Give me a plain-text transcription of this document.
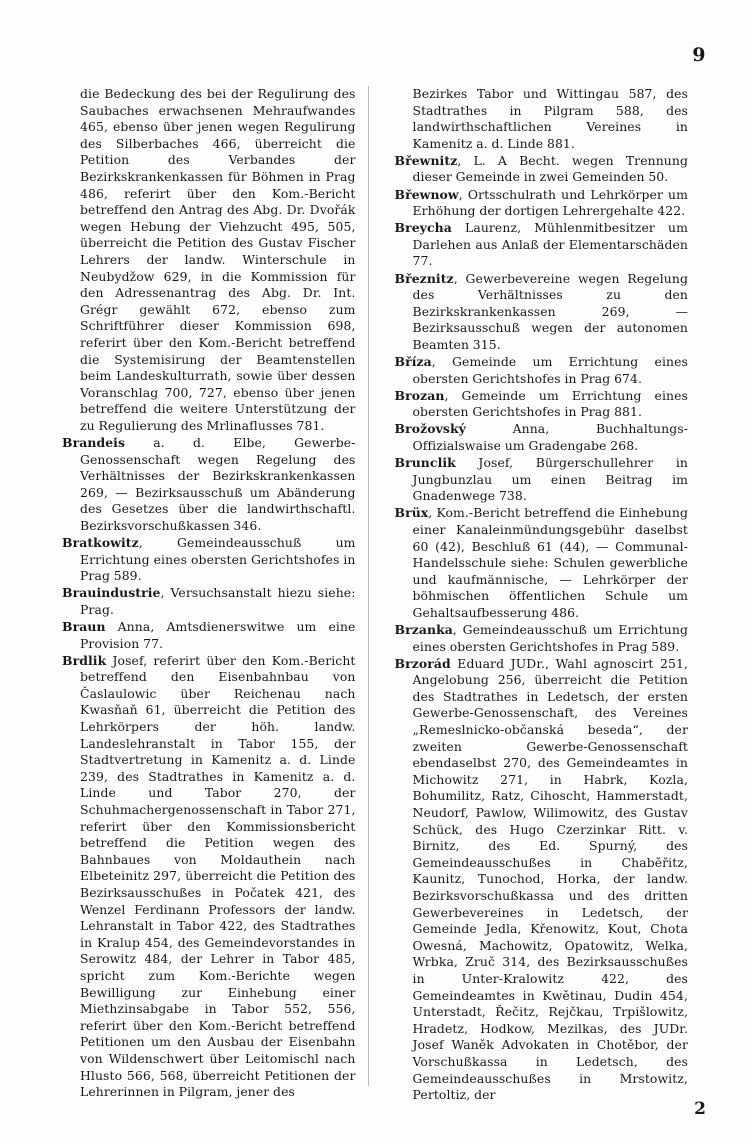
9

die Bedeckung des bei der Regulirung des Saubaches erwachsenen Mehraufwandes 465, ebenso über jenen wegen Regulirung des Silberbaches 466, überreicht die Petition des Verbandes der Bezirkskrankenkassen für Böhmen in Prag 486, referirt über den Kom.-Bericht betreffend den Antrag des Abg. Dr. Dvořák wegen Hebung der Viehzucht 495, 505, überreicht die Petition des Gustav Fischer Lehrers der landw. Winterschule in Neubydžow 629, in die Kommission für den Adressenantrag des Abg. Dr. Int. Grégr gewählt 672, ebenso zum Schriftführer dieser Kommission 698, referirt über den Kom.-Bericht betreffend die Systemisirung der Beamtenstellen beim Landeskulturrath, sowie über dessen Voranschlag 700, 727, ebenso über jenen betreffend die weitere Unterstützung der zu Regulierung des Mrlinaflusses 781.

Brandeis a. d. Elbe, Gewerbe-Genossenschaft wegen Regelung des Verhältnisses der Bezirkskrankenkassen 269, — Bezirksausschuß um Abänderung des Gesetzes über die landwirthschaftl. Bezirksvorschußkassen 346.

Bratkowitz, Gemeindeausschuß um Errichtung eines obersten Gerichtshofes in Prag 589.

Brauindustrie, Versuchsanstalt hiezu siehe: Prag.

Braun Anna, Amtsdienerswitwe um eine Provision 77.

Brdlik Josef, referirt über den Kom.-Bericht betreffend den Eisenbahnbau von Časlaulowic über Reichenau nach Kwasňaň 61, überreicht die Petition des Lehrkörpers der höh. landw. Landeslehranstalt in Tabor 155, der Stadtvertretung in Kamenitz a. d. Linde 239, des Stadtrathes in Kamenitz a. d. Linde und Tabor 270, der Schuhmachergenossenschaft in Tabor 271, referirt über den Kommissionsbericht betreffend die Petition wegen des Bahnbaues von Moldauthein nach Elbeteinitz 297, überreicht die Petition des Bezirksausschußes in Počatek 421, des Wenzel Ferdinann Professors der landw. Lehranstalt in Tabor 422, des Stadtrathes in Kralup 454, des Gemeindevorstandes in Serowitz 484, der Lehrer in Tabor 485, spricht zum Kom.-Berichte wegen Bewilligung zur Einhebung einer Miethzinsabgabe in Tabor 552, 556, referirt über den Kom.-Bericht betreffend Petitionen um den Ausbau der Eisenbahn von Wildenschwert über Leitomischl nach Hlusto 566, 568, überreicht Petitionen der Lehrerinnen in Pilgram, jener des

Bezirkes Tabor und Wittingau 587, des Stadtrathes in Pilgram 588, des landwirthschaftlichen Vereines in Kamenitz a. d. Linde 881.

Břewnitz, L. A Becht. wegen Trennung dieser Gemeinde in zwei Gemeinden 50.

Břewnow, Ortsschulrath und Lehrkörper um Erhöhung der dortigen Lehrergehalte 422.

Breycha Laurenz, Mühlenmitbesitzer um Darlehen aus Anlaß der Elementarschäden 77.

Březnitz, Gewerbevereine wegen Regelung des Verhältnisses zu den Bezirkskrankenkassen 269, — Bezirksausschuß wegen der autonomen Beamten 315.

Bříza, Gemeinde um Errichtung eines obersten Gerichtshofes in Prag 674.

Brozan, Gemeinde um Errichtung eines obersten Gerichtshofes in Prag 881.

Brožovský Anna, Buchhaltungs-Offizialswaise um Gradengabe 268.

Brunclik Josef, Bürgerschullehrer in Jungbunzlau um einen Beitrag im Gnadenwege 738.

Brüx, Kom.-Bericht betreffend die Einhebung einer Kanaleinmündungsgebühr daselbst 60 (42), Beschluß 61 (44), — Communal-Handelsschule siehe: Schulen gewerbliche und kaufmännische, — Lehrkörper der böhmischen öffentlichen Schule um Gehaltsaufbesserung 486.

Brzanka, Gemeindeausschuß um Errichtung eines obersten Gerichtshofes in Prag 589.

Brzorád Eduard JUDr., Wahl agnoscirt 251, Angelobung 256, überreicht die Petition des Stadtrathes in Ledetsch, der ersten Gewerbe-Genossenschaft, des Vereines „Remeslnicko-občanská beseda“, der zweiten Gewerbe-Genossenschaft ebendaselbst 270, des Gemeindeamtes in Michowitz 271, in Habrk, Kozla, Bohumilitz, Ratz, Cihoscht, Hammerstadt, Neudorf, Pawlow, Wilimowitz, des Gustav Schück, des Hugo Czerzinkar Ritt. v. Birnitz, des Ed. Spurný, des Gemeindeausschußes in Chaběřitz, Kaunitz, Tunochod, Horka, der landw. Bezirksvorschußkassa und des dritten Gewerbevereines in Ledetsch, der Gemeinde Jedla, Křenowitz, Kout, Chota Owesná, Machowitz, Opatowitz, Welka, Wrbka, Zruč 314, des Bezirksausschußes in Unter-Kralowitz 422, des Gemeindeamtes in Kwětinau, Dudin 454, Unterstadt, Řečitz, Rejčkau, Trpišlowitz, Hradetz, Hodkow, Mezilkas, des JUDr. Josef Waněk Advokaten in Chotěbor, der Vorschußkassa in Ledetsch, des Gemeindeausschußes in Mrstowitz, Pertoltiz, der

2
